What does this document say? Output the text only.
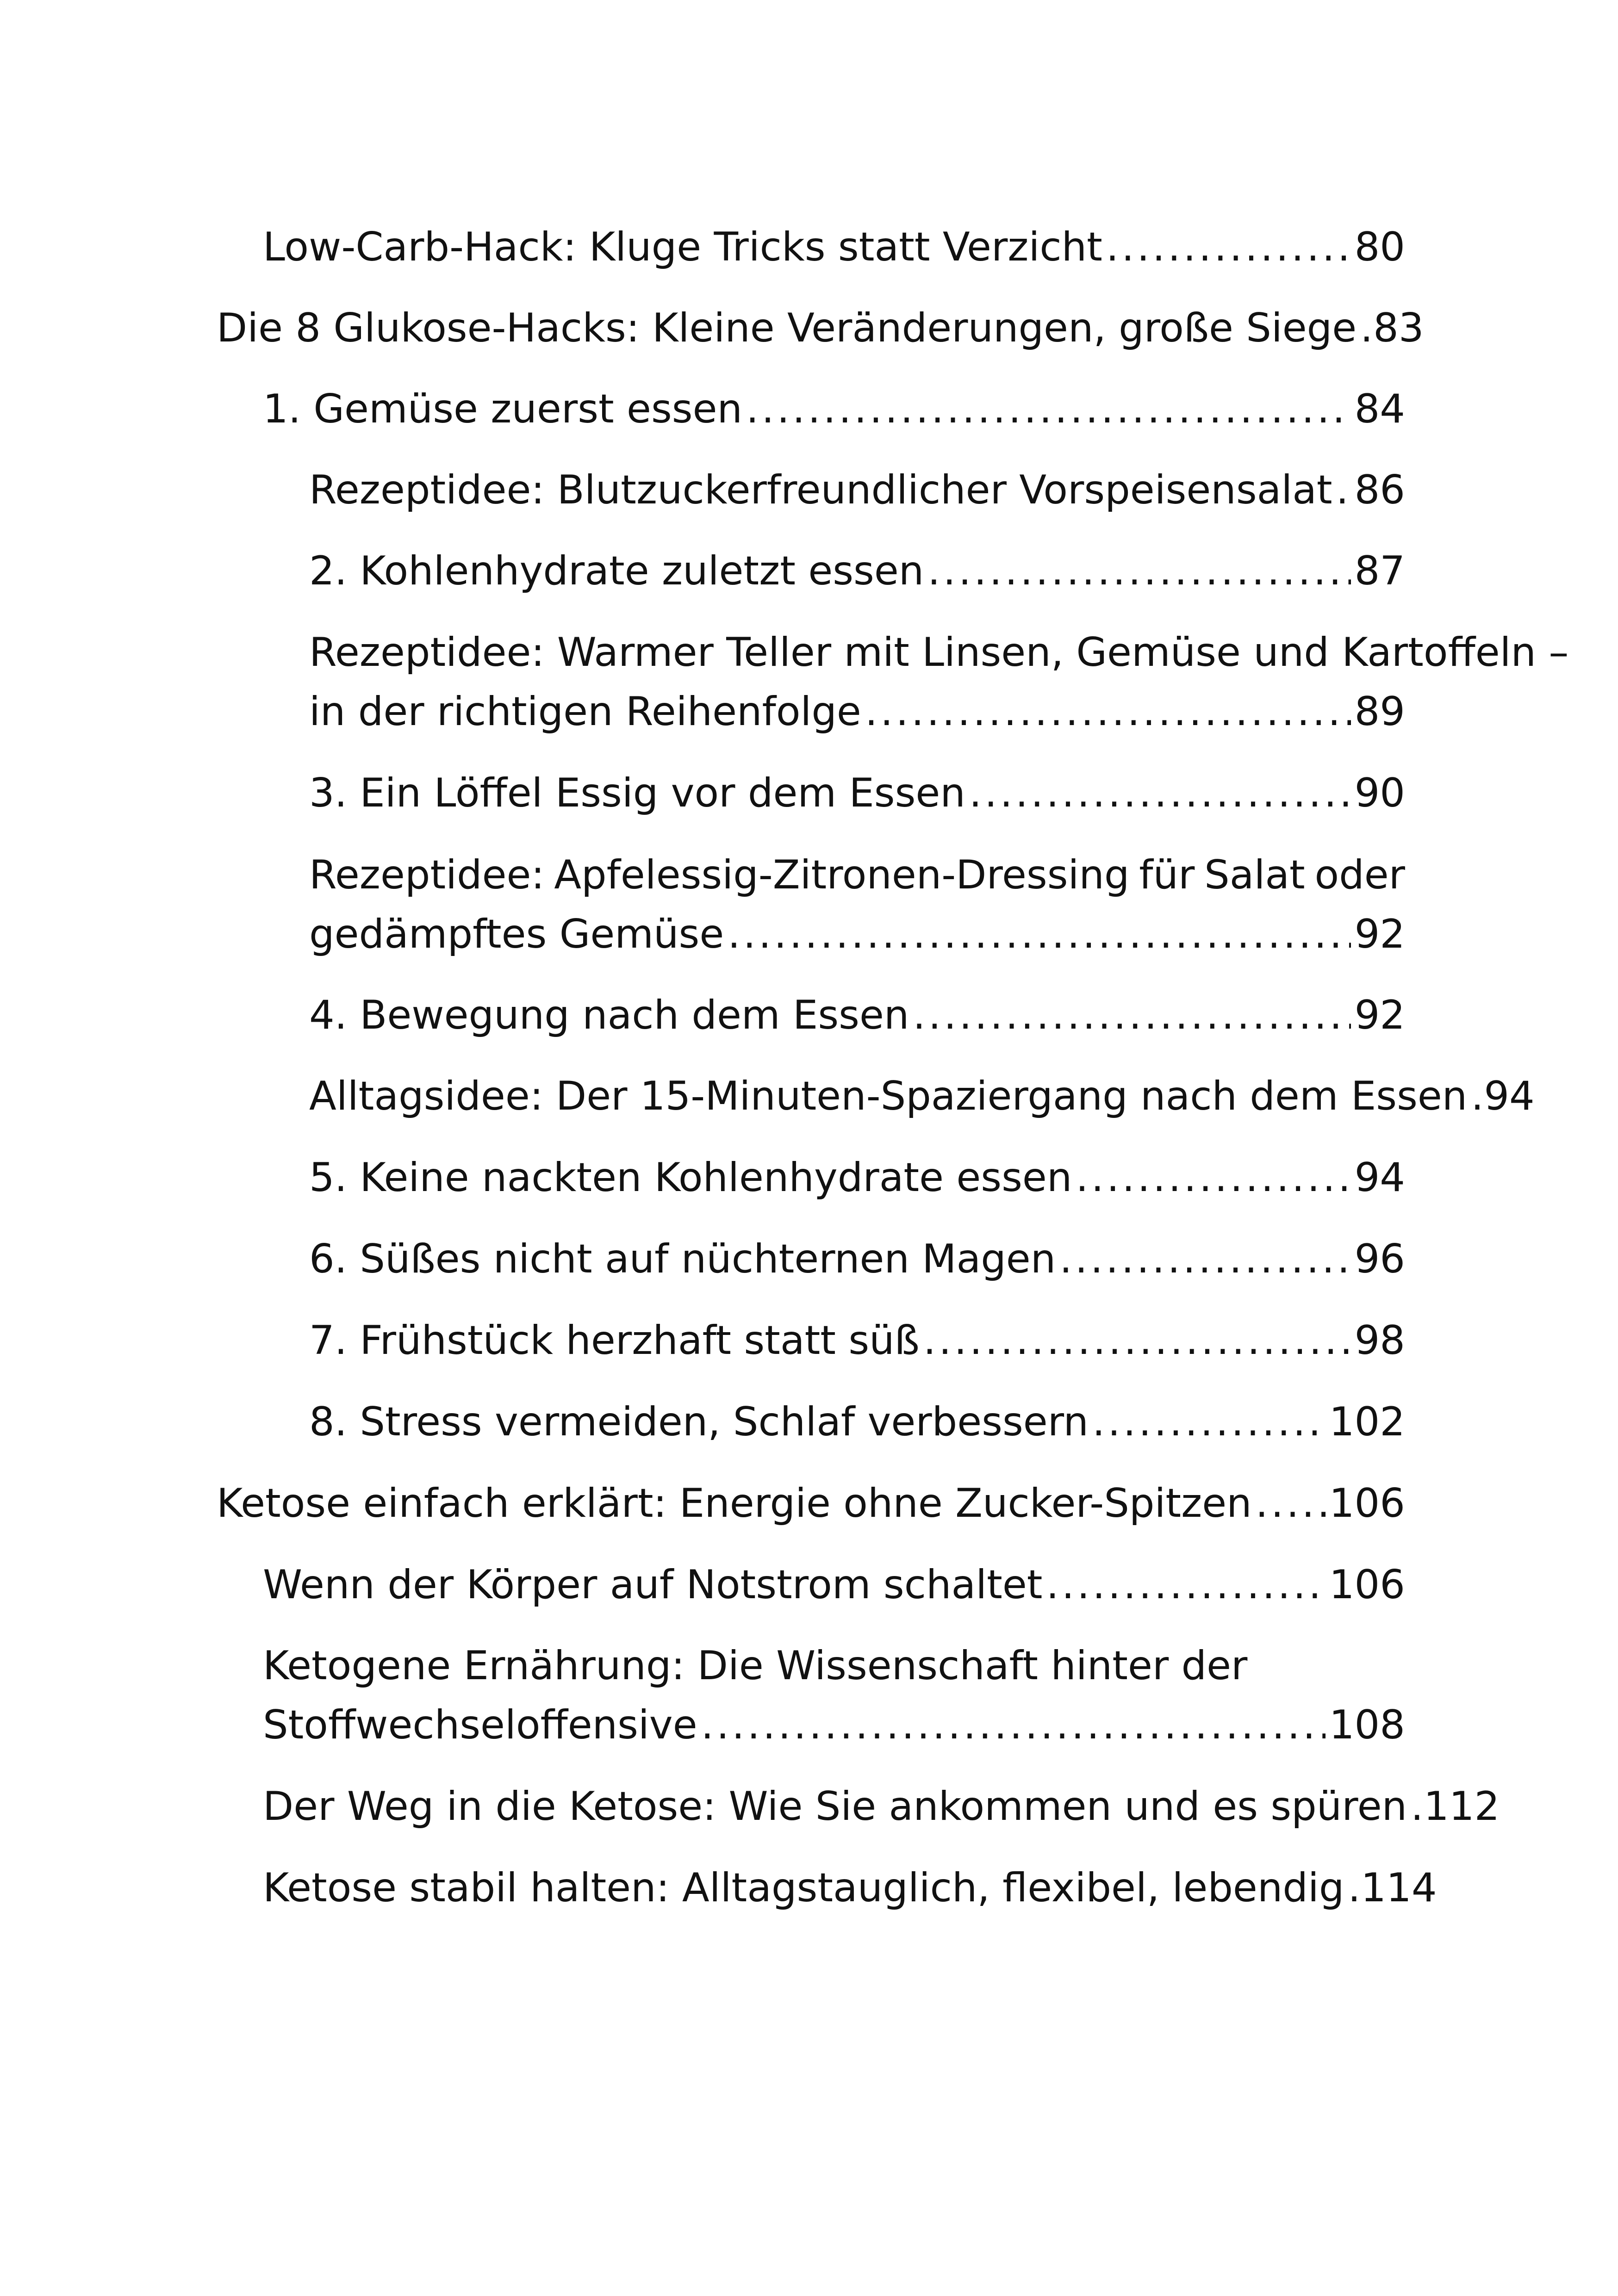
Low-Carb-Hack: Kluge Tricks statt Verzicht .....	80
Die 8 Glukose-Hacks: Kleine Veränderungen, große Siege ..... 83
1. Gemüse zuerst essen .....	84
Rezeptidee: Blutzuckerfreundlicher Vorspeisensalat ..... 86
2. Kohlenhydrate zuletzt essen .....	87
Rezeptidee: Warmer Teller mit Linsen, Gemüse und Kartoffeln –
in der richtigen Reihenfolge .....	89
3. Ein Löffel Essig vor dem Essen .....	90
Rezeptidee: Apfelessig-Zitronen-Dressing für Salat oder
gedämpftes Gemüse .....	92
4. Bewegung nach dem Essen .....	92
Alltagsidee: Der 15-Minuten-Spaziergang nach dem Essen ..... 94
5. Keine nackten Kohlenhydrate essen .....	94
6. Süßes nicht auf nüchternen Magen .....	96
7. Frühstück herzhaft statt süß .....	98
8. Stress vermeiden, Schlaf verbessern .....	102
Ketose einfach erklärt: Energie ohne Zucker-Spitzen ..... 106
Wenn der Körper auf Notstrom schaltet .....	106
Ketogene Ernährung: Die Wissenschaft hinter der
Stoffwechseloffensive .....	108
Der Weg in die Ketose: Wie Sie ankommen und es spüren ..... 112
Ketose stabil halten: Alltagstauglich, flexibel, lebendig ..... 114
